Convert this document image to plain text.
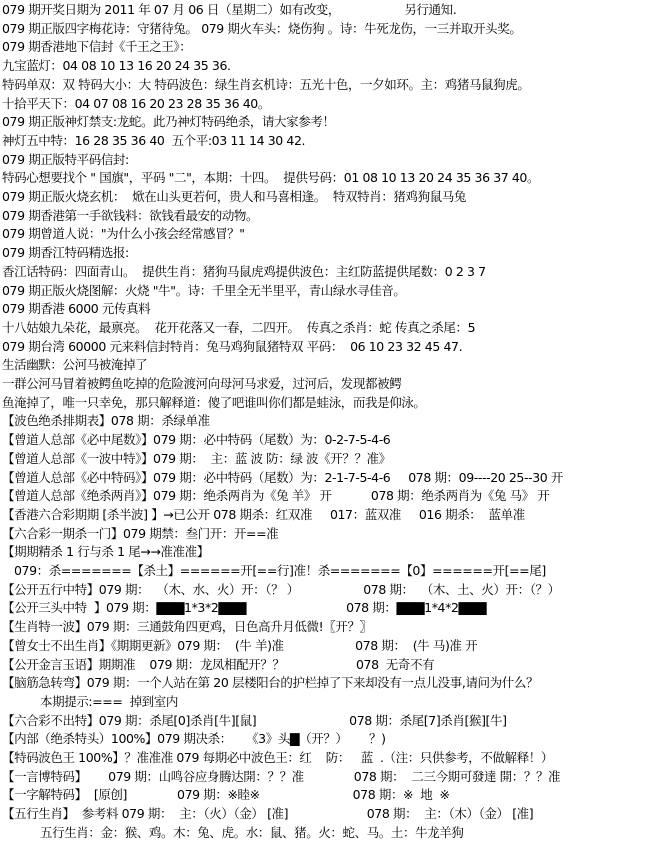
079 期开奖日期为 2011 年 07 月 06 日（星期二）如有改变，                  另行通知.
079 期正版四字梅花诗：守猪待兔。 079 期火车头：烧伤狗 。诗：牛死龙伤，一三并取开头奖。
079 期香港地下信封《千王之王》：
九宝蓝灯：04 08 10 13 16 20 24 35 36.
特码单双：双 特码大小：大 特码波色：绿生肖玄机诗：五光十色，一夕如环。主：鸡猪马鼠狗虎。
十拾平天下：04 07 08 16 20 23 28 35 36 40。
079 期正版神灯禁支:龙蛇。此乃神灯特码绝杀，请大家参考！
神灯五中特：16 28 35 36 40  五个平:03 11 14 30 42.
079 期正版特平码信封:
特码心想要找个 " 国旗"，平码 "二"，本期：十四。  提供号码：01 08 10 13 20 24 35 36 37 40。
079 期正版火烧玄机：  焮在山头更若何，贵人和马喜相逢。  特双特肖：猪鸡狗鼠马兔
079 期香港第一手欲钱料：欲钱看最安的动物。
079 期曾道人说："为什么小孩会经常感冒？"
079 期香江特码精选报:
香江话特码：四面青山。  提供生肖：猪狗马鼠虎鸡提供波色：主红防蓝提供尾数：0 2 3 7
079 期正版火烧图解：火烧 "牛"。诗：千里全无半里平，青山绿水寻佳音。
079 期香港 6000 元传真料
十八姑娘九朵花，最禀亮。  花开花落又一春，二四开。  传真之杀肖：蛇 传真之杀尾：5
079 期台湾 60000 元来料信封特肖：兔马鸡狗鼠猪特双 平码：  06 10 23 32 45 47.
生活幽默：公河马被淹掉了
一群公河马冒着被鳄鱼吃掉的危险渡河向母河马求爱，过河后，发现都被鳄
鱼淹掉了，唯一只幸免，那只解释道：傻了吧谁叫你们都是蛙泳，而我是仰泳。
【波色绝杀排期表】078 期：杀绿单准
【曾道人总部《必中尾数》】079 期：必中特码（尾数）为：0-2-7-5-4-6
【曾道人总部《一波中特》】079 期：  主：蓝 波 防：绿 波《开？？准》
【曾道人总部《必中特码》】079 期：必中特码（尾数）为：2-1-7-5-4-6     078 期：09----20 25--30 开
【曾道人总部《绝杀两肖》】079 期：绝杀两肖为《兔 羊》 开           078 期：绝杀两肖为《兔 马》 开
【香港六合彩期期 [杀半波] 】→已公开 078 期杀：红双准     017：蓝双准     016 期杀：  蓝单准
【六合彩一期杀一门】079 期禁：叁门开：开==准
【期期精杀 1 行与杀 1 尾→→准准准】
079：杀=======【杀土】======开[==行]准！杀=======【0】======开[==尾]
【公开五行中特】079 期：  （木、水、火）开：（？ ）                  078 期：  （木、土、火）开：（？）
【公开三头中特  】079 期：▇▇▇1*3*2▇▇▇                            078 期：▇▇▇1*4*2▇▇▇
【生肖特一波】079 期：三通鼓角四更鸡，日色高升月低微!〖开？〗
【曾女士不出生肖】《期期更新》079 期：  (牛 羊)准                    078 期：  (牛 马)准 开
【公开金言玉语】期期准    079 期：龙凤相配开？？                    078  无奇不有
【脑筋急转弯】079 期：一个人站在第 20 层楼阳台的护栏掉了下来却没有一点儿没事,请问为什么？
本期提示:===  掉到室内
【六合彩不出特】079 期：杀尾[0]杀肖[牛][鼠]                          078 期：杀尾[7]杀肖[猴][牛]
【内部（绝杀特头）100%】079 期决杀：    《3》头▇（开？）      ？)
【特码波色王 100%】？准准准 079 每期必中波色王：红    防：   蓝  .（注：只供参考，不做解释！）
【一言博特码】      079 期：山鸣谷应身腾达開：？？准              078 期：  二三今期可發達 開：？？准
【一字解特码】  [原创]              079 期：※睦※                          078 期：※  地  ※
【五行生肖】  参考料 079 期：  主：（火）（金） [准]                      078 期：  主：（木）（金） [准]
五行生肖：金：猴、鸡。木：兔、虎。水：鼠、猪。火：蛇、马。土：牛龙羊狗
